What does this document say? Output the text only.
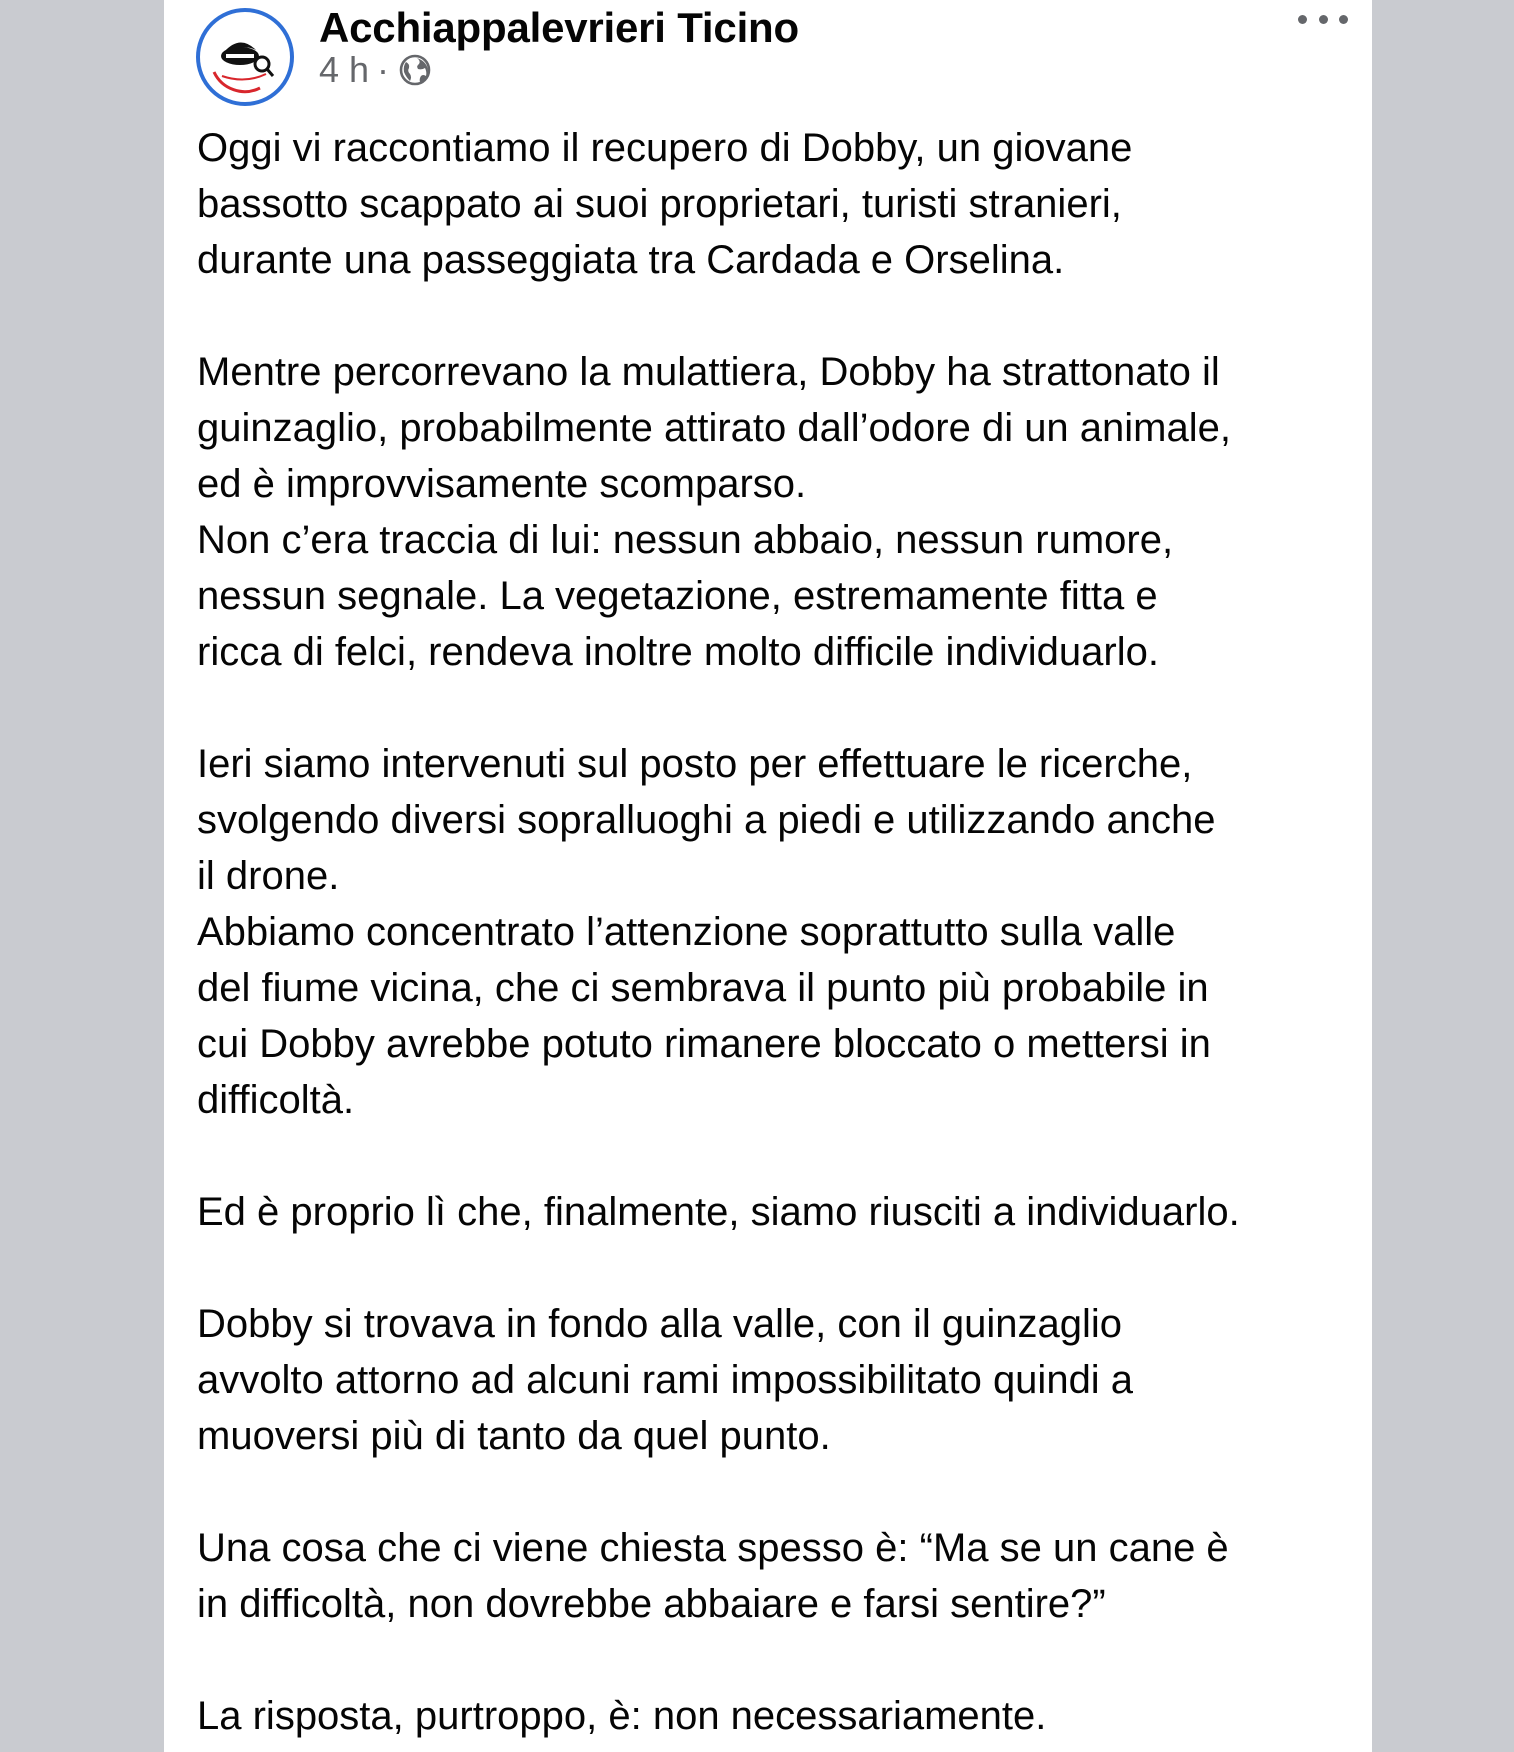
Acchiappalevrieri Ticino
4 h ·

Oggi vi raccontiamo il recupero di Dobby, un giovane

bassotto scappato ai suoi proprietari, turisti stranieri,

durante una passeggiata tra Cardada e Orselina.

Mentre percorrevano la mulattiera, Dobby ha strattonato il

guinzaglio, probabilmente attirato dall’odore di un animale,

ed è improvvisamente scomparso.

Non c’era traccia di lui: nessun abbaio, nessun rumore,

nessun segnale. La vegetazione, estremamente fitta e

ricca di felci, rendeva inoltre molto difficile individuarlo.

Ieri siamo intervenuti sul posto per effettuare le ricerche,

svolgendo diversi sopralluoghi a piedi e utilizzando anche

il drone.

Abbiamo concentrato l’attenzione soprattutto sulla valle

del fiume vicina, che ci sembrava il punto più probabile in

cui Dobby avrebbe potuto rimanere bloccato o mettersi in

difficoltà.

Ed è proprio lì che, finalmente, siamo riusciti a individuarlo.

Dobby si trovava in fondo alla valle, con il guinzaglio

avvolto attorno ad alcuni rami impossibilitato quindi a

muoversi più di tanto da quel punto.

Una cosa che ci viene chiesta spesso è: “Ma se un cane è

in difficoltà, non dovrebbe abbaiare e farsi sentire?”

La risposta, purtroppo, è: non necessariamente.
